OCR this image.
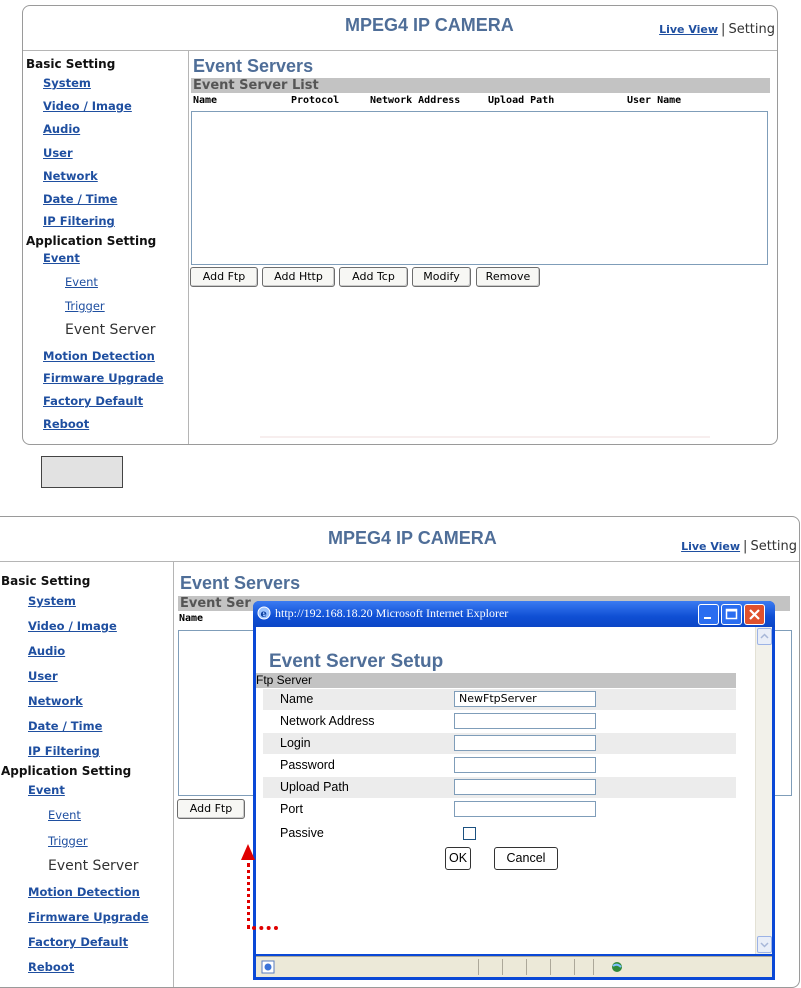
MPEG4 IP CAMERA	Live View | Setting
Basic Setting
System
Video / Image
Audio
User
Network
Date / Time
IP Filtering
Application Setting
Event
Event
Trigger
Event Server
Motion Detection
Firmware Upgrade
Factory Default
Reboot
Event Servers
Event Server List
Name	Protocol	Network Address	Upload Path	User Name
Add Ftp	Add Http	Add Tcp	Modify	Remove
MPEG4 IP CAMERA	Live View | Setting
Basic Setting
System
Video / Image
Audio
User
Network
Date / Time
IP Filtering
Application Setting
Event
Event
Trigger
Event Server
Motion Detection
Firmware Upgrade
Factory Default
Reboot
Event Servers
Event Ser
Name
Add Ftp
e http://192.168.18.20 Microsoft Internet Explorer
Event Server Setup
Ftp Server
Name	NewFtpServer
Network Address
Login
Password
Upload Path
Port
Passive
OK	Cancel
